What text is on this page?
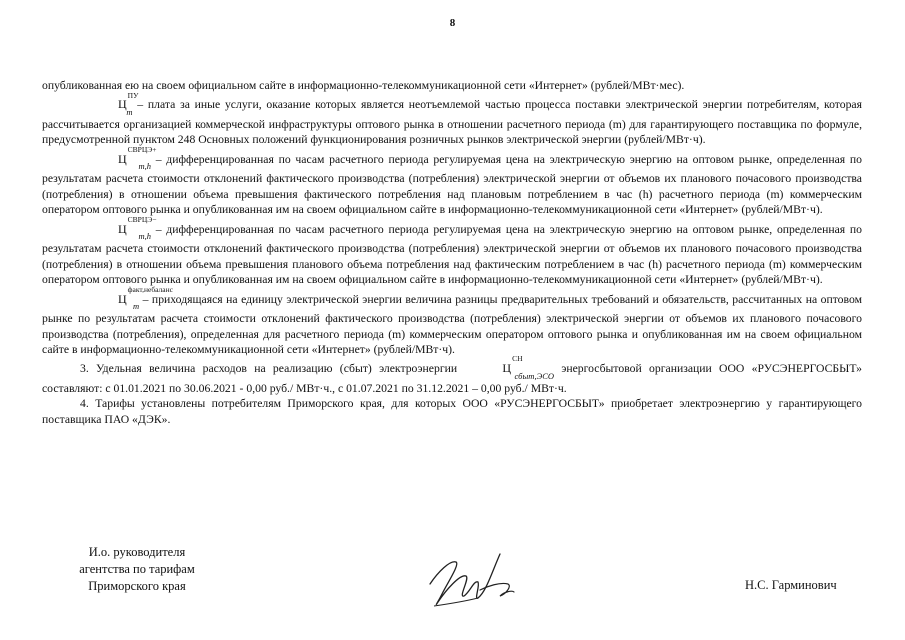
8

опубликованная ею на своем официальном сайте в информационно-телекоммуникационной сети «Интернет» (рублей/МВт·мес).

$Ц^{ПУ}_m$ – плата за иные услуги, оказание которых является неотъемлемой частью процесса поставки электрической энергии потребителям, которая рассчитывается организацией коммерческой инфраструктуры оптового рынка в отношении расчетного периода (m) для гарантирующего поставщика по формуле, предусмотренной пунктом 248 Основных положений функционирования розничных рынков электрической энергии (рублей/МВт·ч).

$Ц^{СВРЦЭ+}_{m,h}$ – дифференцированная по часам расчетного периода регулируемая цена на электрическую энергию на оптовом рынке, определенная по результатам расчета стоимости отклонений фактического производства (потребления) электрической энергии от объемов их планового почасового производства (потребления) в отношении объема превышения фактического потребления над плановым потреблением в час (h) расчетного периода (m) коммерческим оператором оптового рынка и опубликованная им на своем официальном сайте в информационно-телекоммуникационной сети «Интернет» (рублей/МВт·ч).

$Ц^{СВРЦЭ-}_{m,h}$ – дифференцированная по часам расчетного периода регулируемая цена на электрическую энергию на оптовом рынке, определенная по результатам расчета стоимости отклонений фактического производства (потребления) электрической энергии от объемов их планового почасового производства (потребления) в отношении объема превышения планового объема потребления над фактическим потреблением в час (h) расчетного периода (m) коммерческим оператором оптового рынка и опубликованная им на своем официальном сайте в информационно-телекоммуникационной сети «Интернет» (рублей/МВт·ч).

$Ц^{факт,небаланс}_m$ – приходящаяся на единицу электрической энергии величина разницы предварительных требований и обязательств, рассчитанных на оптовом рынке по результатам расчета стоимости отклонений фактического производства (потребления) электрической энергии от объемов их планового почасового производства (потребления), определенная для расчетного периода (m) коммерческим оператором оптового рынка и опубликованная им на своем официальном сайте в информационно-телекоммуникационной сети «Интернет» (рублей/МВт·ч).

3. Удельная величина расходов на реализацию (сбыт) электроэнергии	$Ц^{СН}_{сбыт,ЭСО}$ энергосбытовой организации ООО «РУСЭНЕРГОСБЫТ» составляют: с 01.01.2021 по 30.06.2021 - 0,00 руб./ МВт·ч., с 01.07.2021 по 31.12.2021 – 0,00 руб./ МВт·ч.

4. Тарифы установлены потребителям Приморского края, для которых ООО «РУСЭНЕРГОСБЫТ» приобретает электроэнергию у гарантирующего поставщика ПАО «ДЭК».

И.о. руководителя
агентства по тарифам
Приморского края	Н.С. Гарминович
